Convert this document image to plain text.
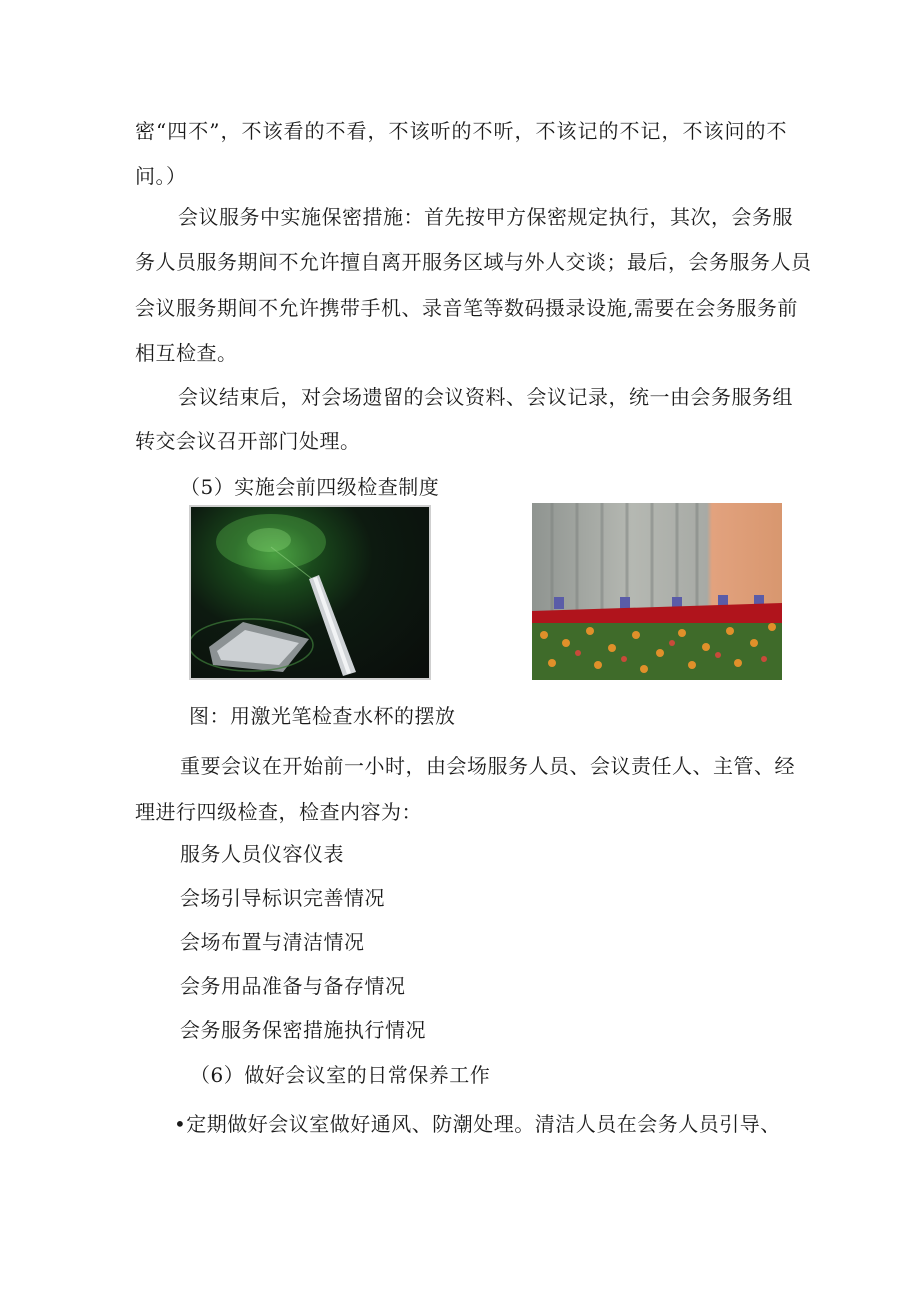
密“四不”，不该看的不看，不该听的不听，不该记的不记，不该问的不
问。）
会议服务中实施保密措施：首先按甲方保密规定执行，其次，会务服
务人员服务期间不允许擅自离开服务区域与外人交谈；最后，会务服务人员
会议服务期间不允许携带手机、录音笔等数码摄录设施,需要在会务服务前
相互检查。
会议结束后，对会场遗留的会议资料、会议记录，统一由会务服务组
转交会议召开部门处理。
（5）实施会前四级检查制度
图：用激光笔检查水杯的摆放
重要会议在开始前一小时，由会场服务人员、会议责任人、主管、经
理进行四级检查，检查内容为：
服务人员仪容仪表
会场引导标识完善情况
会场布置与清洁情况
会务用品准备与备存情况
会务服务保密措施执行情况
（6）做好会议室的日常保养工作
•定期做好会议室做好通风、防潮处理。清洁人员在会务人员引导、
